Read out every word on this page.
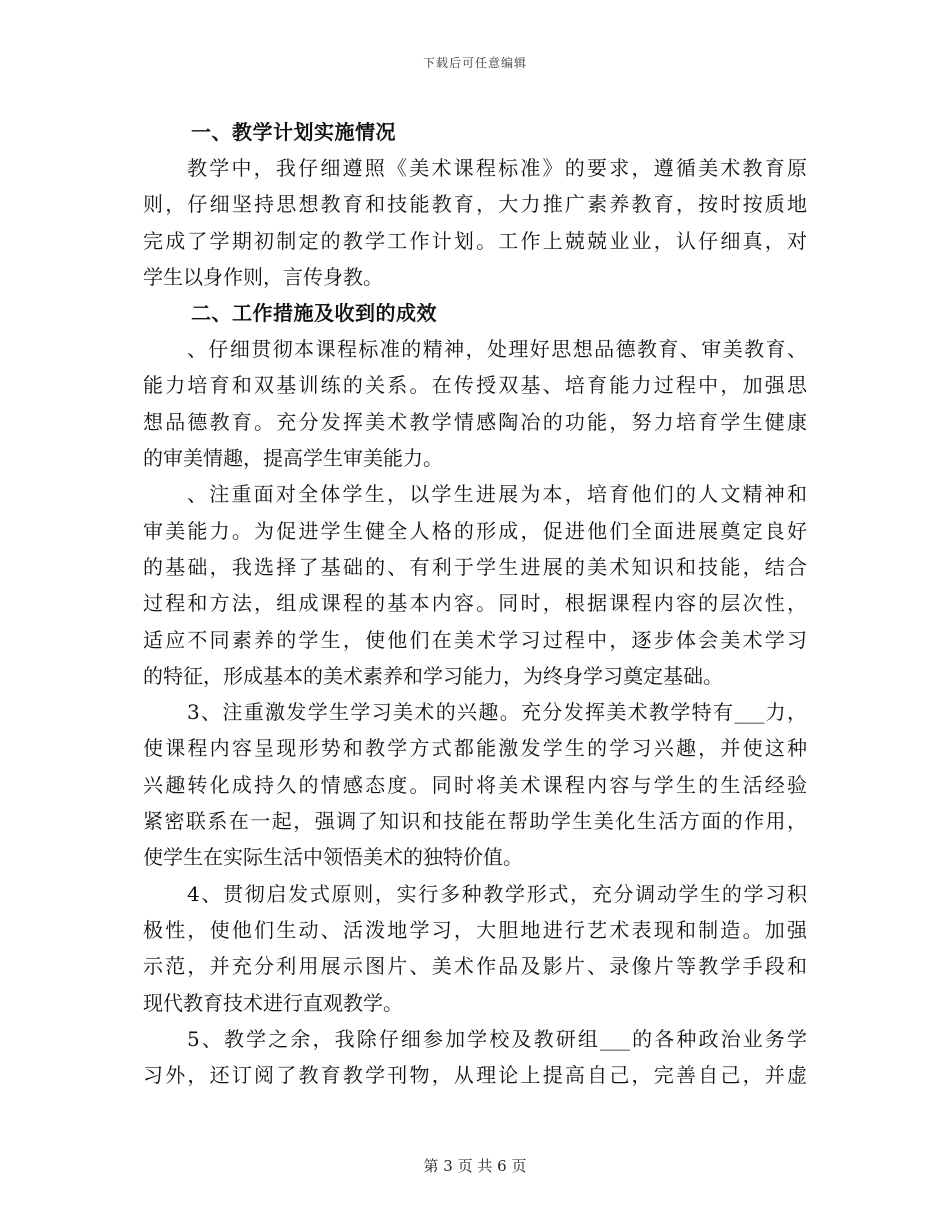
下载后可任意编辑
一、教学计划实施情况
教学中，我仔细遵照《美术课程标准》的要求，遵循美术教育原
则，仔细坚持思想教育和技能教育，大力推广素养教育，按时按质地
完成了学期初制定的教学工作计划。工作上兢兢业业，认仔细真，对
学生以身作则，言传身教。
二、工作措施及收到的成效
、仔细贯彻本课程标准的精神，处理好思想品德教育、审美教育、
能力培育和双基训练的关系。在传授双基、培育能力过程中，加强思
想品德教育。充分发挥美术教学情感陶冶的功能，努力培育学生健康
的审美情趣，提高学生审美能力。
、注重面对全体学生，以学生进展为本，培育他们的人文精神和
审美能力。为促进学生健全人格的形成，促进他们全面进展奠定良好
的基础，我选择了基础的、有利于学生进展的美术知识和技能，结合
过程和方法，组成课程的基本内容。同时，根据课程内容的层次性，
适应不同素养的学生，使他们在美术学习过程中，逐步体会美术学习
的特征，形成基本的美术素养和学习能力，为终身学习奠定基础。
3、注重激发学生学习美术的兴趣。充分发挥美术教学特有___力，
使课程内容呈现形势和教学方式都能激发学生的学习兴趣，并使这种
兴趣转化成持久的情感态度。同时将美术课程内容与学生的生活经验
紧密联系在一起，强调了知识和技能在帮助学生美化生活方面的作用，
使学生在实际生活中领悟美术的独特价值。
4、贯彻启发式原则，实行多种教学形式，充分调动学生的学习积
极性，使他们生动、活泼地学习，大胆地进行艺术表现和制造。加强
示范，并充分利用展示图片、美术作品及影片、录像片等教学手段和
现代教育技术进行直观教学。
5、教学之余，我除仔细参加学校及教研组___的各种政治业务学
习外，还订阅了教育教学刊物，从理论上提高自己，完善自己，并虚
第 3 页 共 6 页
